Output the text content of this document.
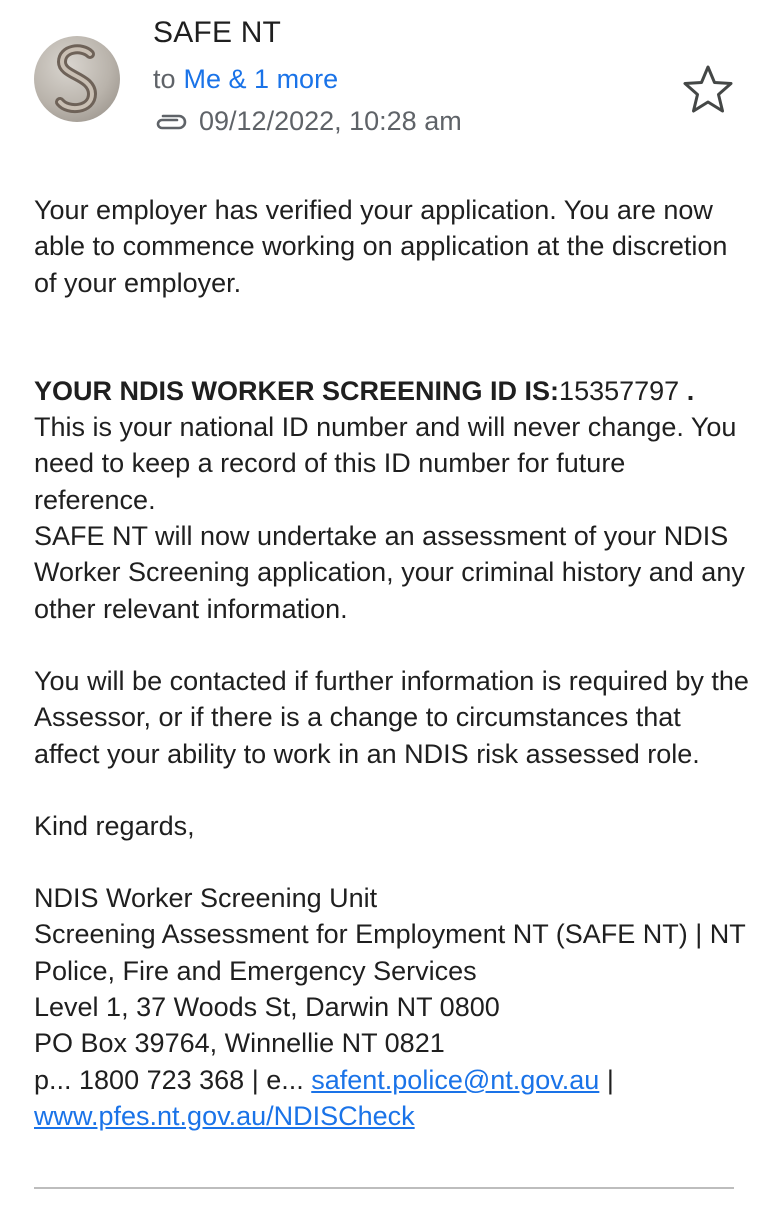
SAFE NT
to Me & 1 more
09/12/2022, 10:28 am

Your employer has verified your application. You are now able to commence working on application at the discretion of your employer.

YOUR NDIS WORKER SCREENING ID IS:15357797 .

This is your national ID number and will never change. You need to keep a record of this ID number for future reference.

SAFE NT will now undertake an assessment of your NDIS Worker Screening application, your criminal history and any other relevant information.

You will be contacted if further information is required by the Assessor, or if there is a change to circumstances that affect your ability to work in an NDIS risk assessed role.

Kind regards,

NDIS Worker Screening Unit

Screening Assessment for Employment NT (SAFE NT) | NT Police, Fire and Emergency Services

Level 1, 37 Woods St, Darwin NT 0800

PO Box 39764, Winnellie NT 0821

p... 1800 723 368 | e... safent.police@nt.gov.au |

www.pfes.nt.gov.au/NDISCheck
